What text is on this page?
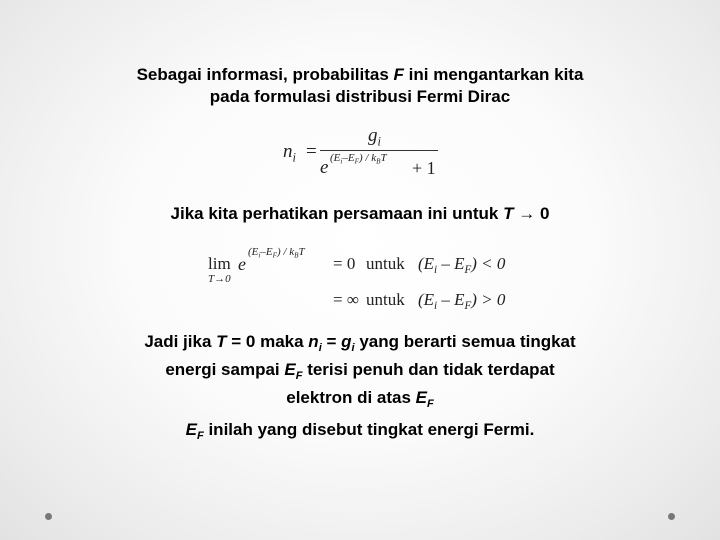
Sebagai informasi, probabilitas F ini mengantarkan kita
pada formulasi distribusi Fermi Dirac
$n_i$ =
$g_i$
e $(E_i-E_F) / k_BT + 1$
Jika kita perhatikan persamaan ini untuk T → 0
lim
T→0
e
$(E_i-E_F) / k_BT$
= 0 untuk $(E_i - E_F) < 0$
= ∞ untuk $(E_i - E_F) > 0$
Jadi jika T = 0 maka $n_i = g_i$ yang berarti semua tingkat
energi sampai $E_F$ terisi penuh dan tidak terdapat
elektron di atas $E_F$
$E_F$ inilah yang disebut tingkat energi Fermi.
